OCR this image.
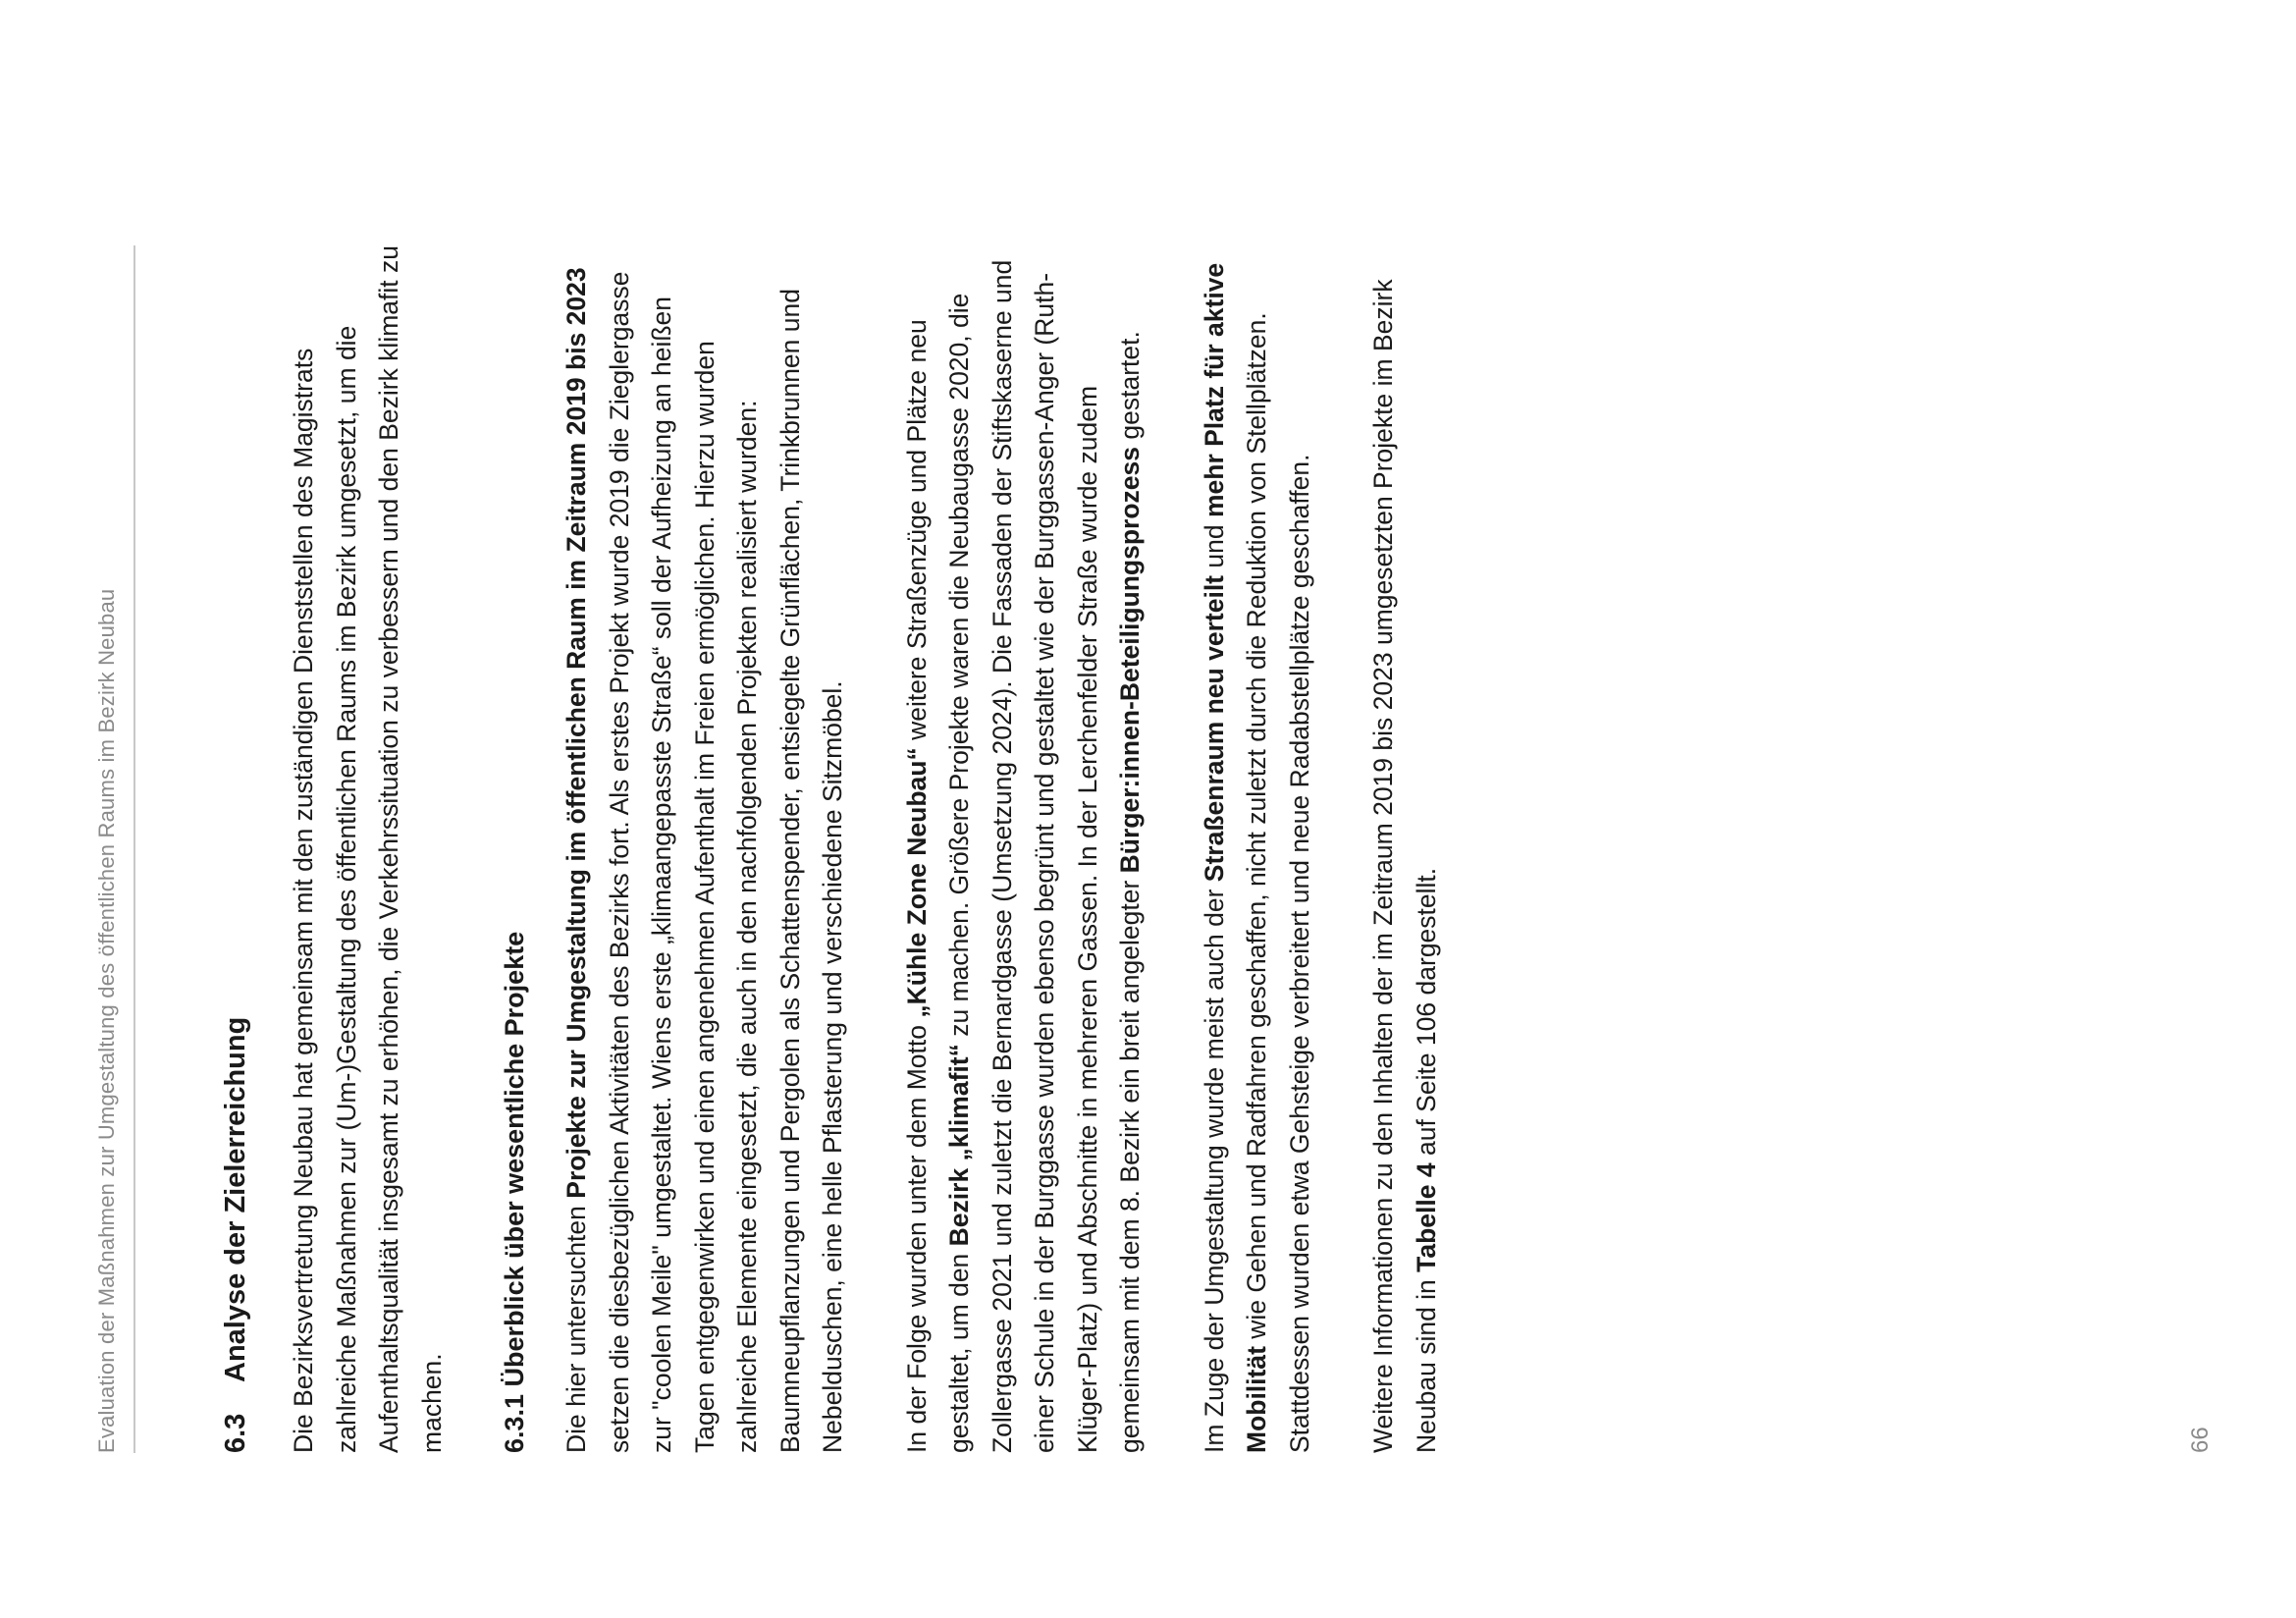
Evaluation der Maßnahmen zur Umgestaltung des öffentlichen Raums im Bezirk Neubau	6.3Analyse der Zielerreichung Die Bezirksvertretung Neubau hat gemeinsam mit den zuständigen Dienststellen des Magistrats zahlreiche Maßnahmen zur (Um-)Gestaltung des öffentlichen Raums im Bezirk umgesetzt, um die Aufenthaltsqualität insgesamt zu erhöhen, die Verkehrssituation zu verbessern und den Bezirk klimafit zu machen. 6.3.1 Überblick über wesentliche Projekte Die hier untersuchten Projekte zur Umgestaltung im öffentlichen Raum im Zeitraum 2019 bis 2023 setzen die diesbezüglichen Aktivitäten des Bezirks fort. Als erstes Projekt wurde 2019 die Zieglergasse zur "coolen Meile" umgestaltet. Wiens erste „klimaangepasste Straße“ soll der Aufheizung an heißen Tagen entgegenwirken und einen angenehmen Aufenthalt im Freien ermöglichen. Hierzu wurden zahlreiche Elemente eingesetzt, die auch in den nachfolgenden Projekten realisiert wurden: Baumneupflanzungen und Pergolen als Schattenspender, entsiegelte Grünflächen, Trinkbrunnen und Nebelduschen, eine helle Pflasterung und verschiedene Sitzmöbel. In der Folge wurden unter dem Motto „Kühle Zone Neubau“ weitere Straßenzüge und Plätze neu gestaltet, um den Bezirk „klimafit“ zu machen. Größere Projekte waren die Neubaugasse 2020, die Zollergasse 2021 und zuletzt die Bernardgasse (Umsetzung 2024). Die Fassaden der Stiftskaserne und einer Schule in der Burggasse wurden ebenso begrünt und gestaltet wie der Burggassen-Anger (Ruth-Klüger-Platz) und Abschnitte in mehreren Gassen. In der Lerchenfelder Straße wurde zudem gemeinsam mit dem 8. Bezirk ein breit angelegter Bürger:innen-Beteiligungsprozess gestartet.

Im Zuge der Umgestaltung wurde meist auch der Straßenraum neu verteilt und mehr Platz für aktive Mobilität wie Gehen und Radfahren geschaffen, nicht zuletzt durch die Reduktion von Stellplätzen. Stattdessen wurden etwa Gehsteige verbreitert und neue Radabstellplätze geschaffen. Weitere Informationen zu den Inhalten der im Zeitraum 2019 bis 2023 umgesetzten Projekte im Bezirk Neubau sind in Tabelle 4 auf Seite 106 dargestellt.

66
